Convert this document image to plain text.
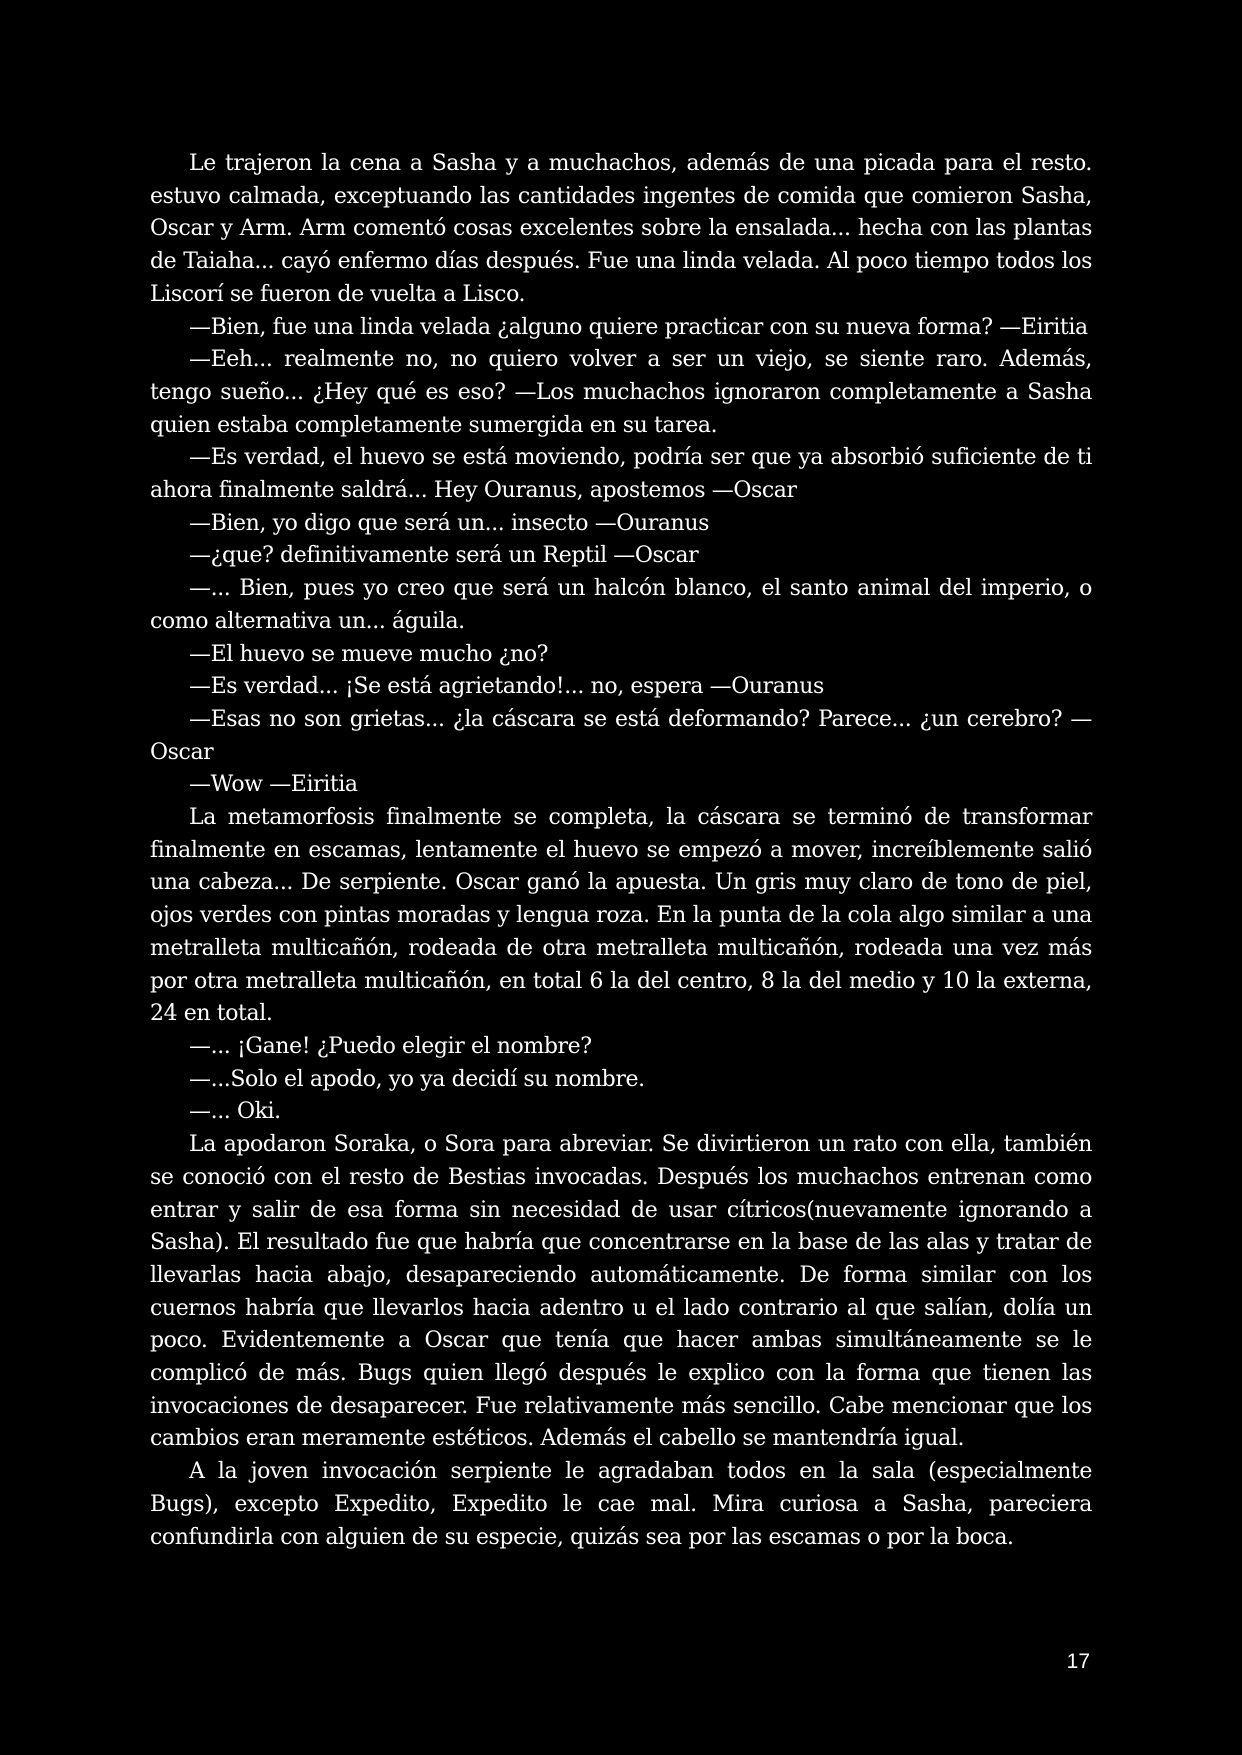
Le trajeron la cena a Sasha y a muchachos, además de una picada para el resto. estuvo calmada, exceptuando las cantidades ingentes de comida que comieron Sasha, Oscar y Arm. Arm comentó cosas excelentes sobre la ensalada... hecha con las plantas de Taiaha... cayó enfermo días después. Fue una linda velada. Al poco tiempo todos los Liscorí se fueron de vuelta a Lisco.

—Bien, fue una linda velada ¿alguno quiere practicar con su nueva forma? —Eiritia

—Eeh... realmente no, no quiero volver a ser un viejo, se siente raro. Además, tengo sueño... ¿Hey qué es eso? —Los muchachos ignoraron completamente a Sasha quien estaba completamente sumergida en su tarea.

—Es verdad, el huevo se está moviendo, podría ser que ya absorbió suficiente de ti ahora finalmente saldrá... Hey Ouranus, apostemos —Oscar

—Bien, yo digo que será un... insecto —Ouranus

—¿que? definitivamente será un Reptil —Oscar

—... Bien, pues yo creo que será un halcón blanco, el santo animal del imperio, o como alternativa un... águila.

—El huevo se mueve mucho ¿no?

—Es verdad... ¡Se está agrietando!... no, espera —Ouranus

—Esas no son grietas... ¿la cáscara se está deformando? Parece... ¿un cerebro? —Oscar

—Wow —Eiritia

La metamorfosis finalmente se completa, la cáscara se terminó de transformar finalmente en escamas, lentamente el huevo se empezó a mover, increíblemente salió una cabeza... De serpiente. Oscar ganó la apuesta. Un gris muy claro de tono de piel, ojos verdes con pintas moradas y lengua roza. En la punta de la cola algo similar a una metralleta multicañón, rodeada de otra metralleta multicañón, rodeada una vez más por otra metralleta multicañón, en total 6 la del centro, 8 la del medio y 10 la externa, 24 en total.

—... ¡Gane! ¿Puedo elegir el nombre?

—...Solo el apodo, yo ya decidí su nombre.

—... Oki.

La apodaron Soraka, o Sora para abreviar. Se divirtieron un rato con ella, también se conoció con el resto de Bestias invocadas. Después los muchachos entrenan como entrar y salir de esa forma sin necesidad de usar cítricos(nuevamente ignorando a Sasha). El resultado fue que habría que concentrarse en la base de las alas y tratar de llevarlas hacia abajo, desapareciendo automáticamente. De forma similar con los cuernos habría que llevarlos hacia adentro u el lado contrario al que salían, dolía un poco. Evidentemente a Oscar que tenía que hacer ambas simultáneamente se le complicó de más. Bugs quien llegó después le explico con la forma que tienen las invocaciones de desaparecer. Fue relativamente más sencillo. Cabe mencionar que los cambios eran meramente estéticos. Además el cabello se mantendría igual.

A la joven invocación serpiente le agradaban todos en la sala (especialmente Bugs), excepto Expedito, Expedito le cae mal. Mira curiosa a Sasha, pareciera confundirla con alguien de su especie, quizás sea por las escamas o por la boca.

17
